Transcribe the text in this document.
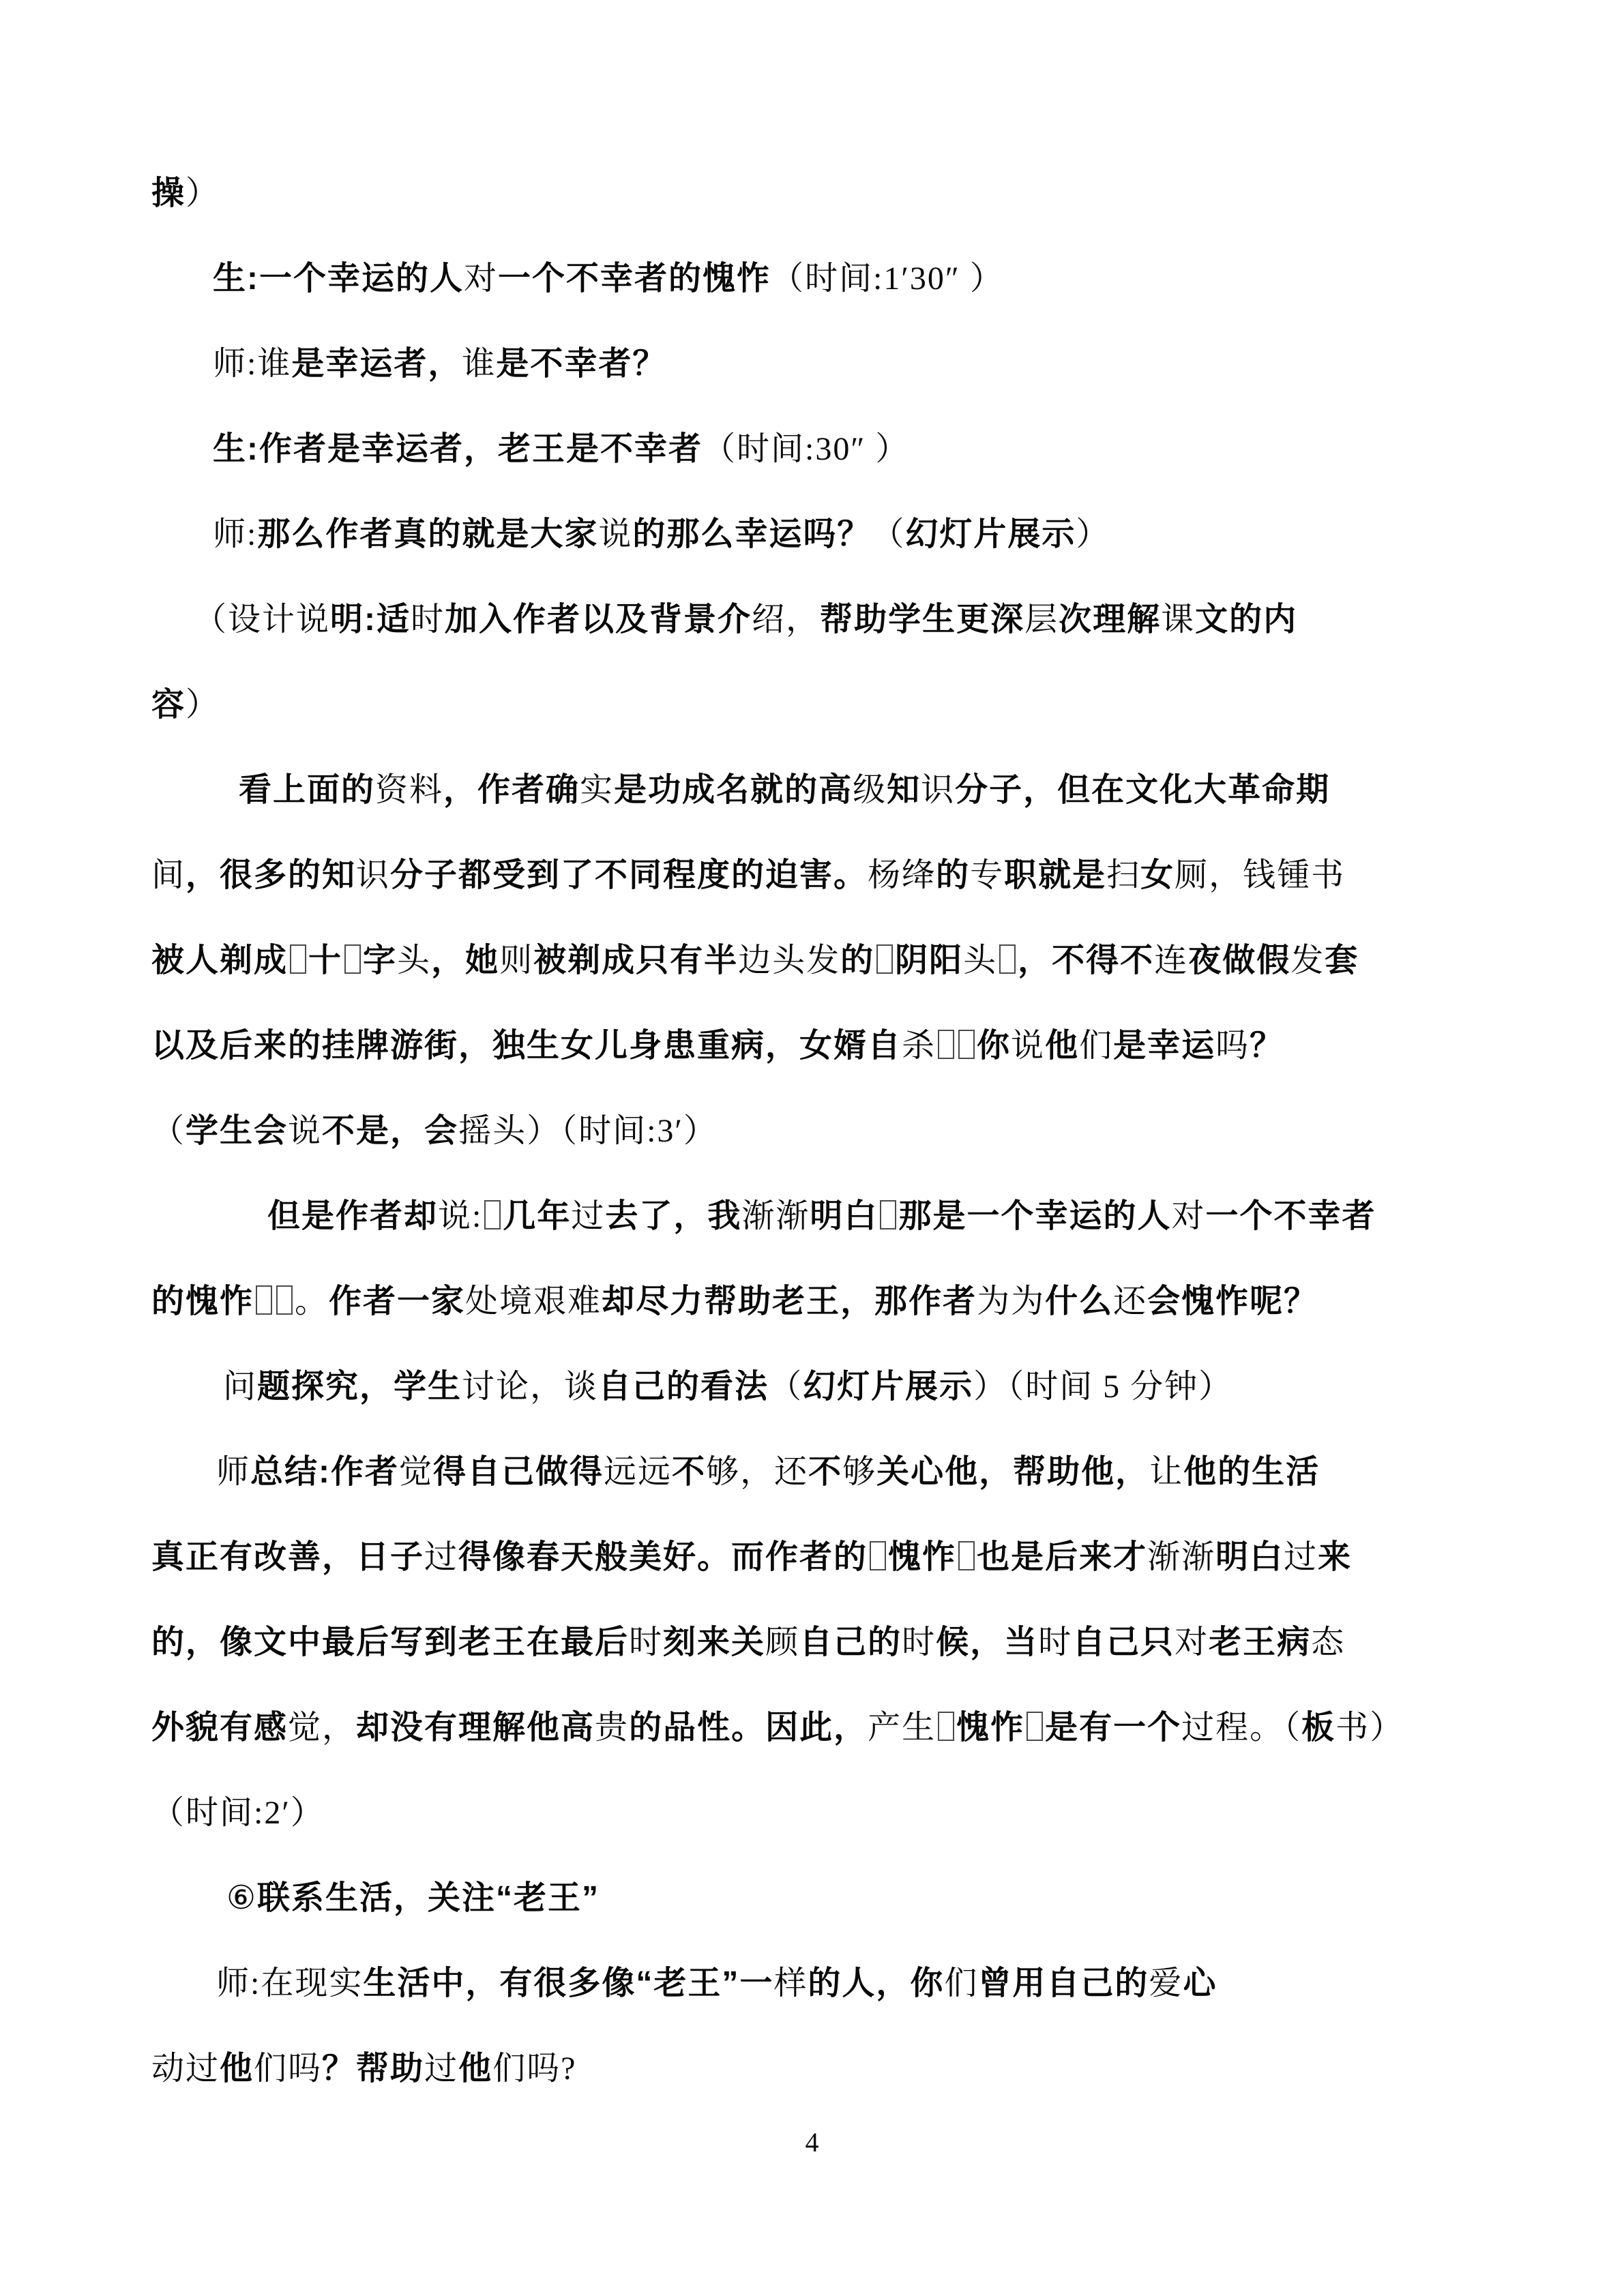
操）
生:一个幸运的人对一个不幸者的愧怍（时间:1′30″ ）
师:谁是幸运者，谁是不幸者？
生:作者是幸运者，老王是不幸者（时间:30″ ）
师:那么作者真的就是大家说的那么幸运吗？（幻灯片展示）
（设计说明:适时加入作者以及背景介绍，帮助学生更深层次理解课文的内
容）
看上面的资料，作者确实是功成名就的高级知识分子，但在文化大革命期
间，很多的知识分子都受到了不同程度的迫害。杨绛的专职就是扫女厕，钱锺书
被人剃成 十 字头，她则被剃成只有半边头发的 阴阳头 ，不得不连夜做假发套
以及后来的挂牌游街，独生女儿身患重病，女婿自杀 你说他们是幸运吗？
（学生会说不是，会摇头）（时间:3′）
但是作者却说: 几年过去了，我渐渐明白 那是一个幸运的人对一个不幸者
的愧怍 。作者一家处境艰难却尽力帮助老王，那作者为为什么还会愧怍呢？
问题探究，学生讨论，谈自己的看法（幻灯片展示）（时间 5 分钟）
师总结:作者觉得自己做得远远不够，还不够关心他，帮助他，让他的生活
真正有改善，日子过得像春天般美好。而作者的 愧怍 也是后来才渐渐明白过来
的，像文中最后写到老王在最后时刻来关顾自己的时候，当时自己只对老王病态
外貌有感觉，却没有理解他高贵的品性。因此，产生 愧怍 是有一个过程。（板书）
（时间:2′）
⑥联系生活，关注“老王”
师:在现实生活中，有很多像“老王”一样的人，你们曾用自己的爱心
动过他们吗？帮助过他们吗?
4
